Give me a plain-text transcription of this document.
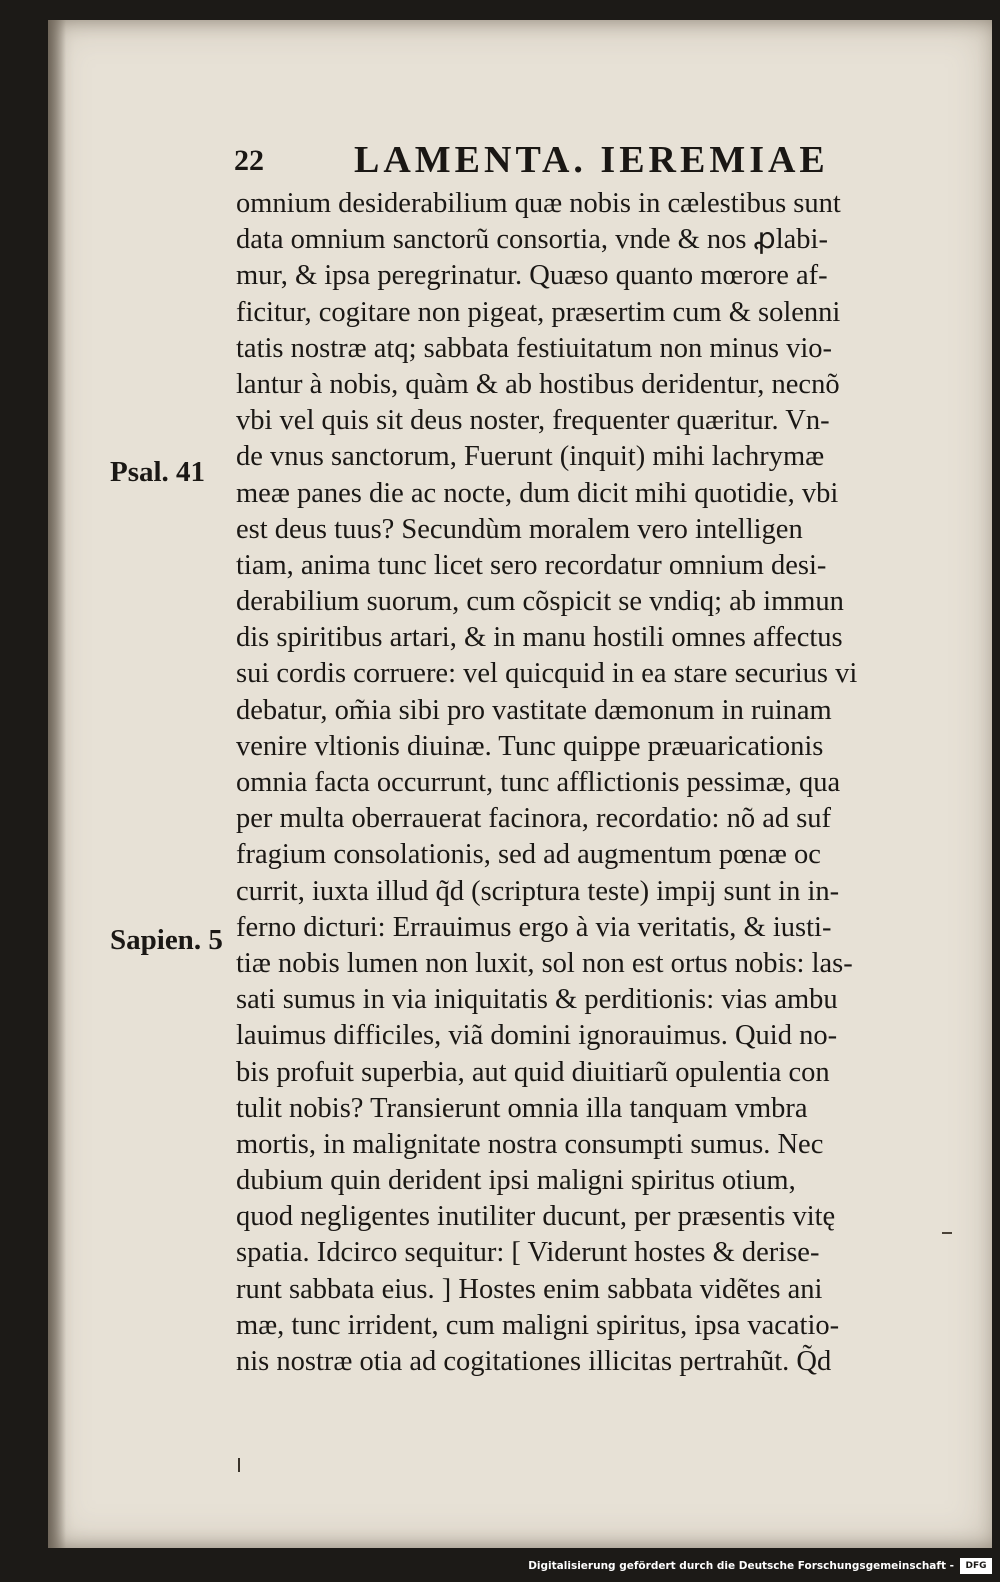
22 LAMENTA. IEREMIAE
Psal. 41
Sapien. 5
omnium desiderabilium quæ nobis in cælestibus sunt
data omnium sanctorũ consortia, vnde & nos ꝓlabi-
mur, & ipsa peregrinatur. Quæso quanto mœrore af-
ficitur, cogitare non pigeat, præsertim cum & solenni
tatis nostræ atq; sabbata festiuitatum non minus vio-
lantur à nobis, quàm & ab hostibus deridentur, necnõ
vbi vel quis sit deus noster, frequenter quæritur. Vn-
de vnus sanctorum, Fuerunt (inquit) mihi lachrymæ
meæ panes die ac nocte, dum dicit mihi quotidie, vbi
est deus tuus? Secundùm moralem vero intelligen
tiam, anima tunc licet sero recordatur omnium desi-
derabilium suorum, cum cõspicit se vndiq; ab immun
dis spiritibus artari, & in manu hostili omnes affectus
sui cordis corruere: vel quicquid in ea stare securius vi
debatur, om̃ia sibi pro vastitate dæmonum in ruinam
venire vltionis diuinæ. Tunc quippe præuaricationis
omnia facta occurrunt, tunc afflictionis pessimæ, qua
per multa oberrauerat facinora, recordatio: nõ ad suf
fragium consolationis, sed ad augmentum pœnæ oc
currit, iuxta illud q̃d (scriptura teste) impij sunt in in-
ferno dicturi: Errauimus ergo à via veritatis, & iusti-
tiæ nobis lumen non luxit, sol non est ortus nobis: las-
sati sumus in via iniquitatis & perditionis: vias ambu
lauimus difficiles, viã domini ignorauimus. Quid no-
bis profuit superbia, aut quid diuitiarũ opulentia con
tulit nobis? Transierunt omnia illa tanquam vmbra
mortis, in malignitate nostra consumpti sumus. Nec
dubium quin derident ipsi maligni spiritus otium,
quod negligentes inutiliter ducunt, per præsentis vitę
spatia. Idcirco sequitur: [ Viderunt hostes & derise-
runt sabbata eius. ] Hostes enim sabbata vidẽtes ani
mæ, tunc irrident, cum maligni spiritus, ipsa vacatio-
nis nostræ otia ad cogitationes illicitas pertrahũt. Q̃d
Digitalisierung gefördert durch die Deutsche Forschungsgemeinschaft -	DFG
